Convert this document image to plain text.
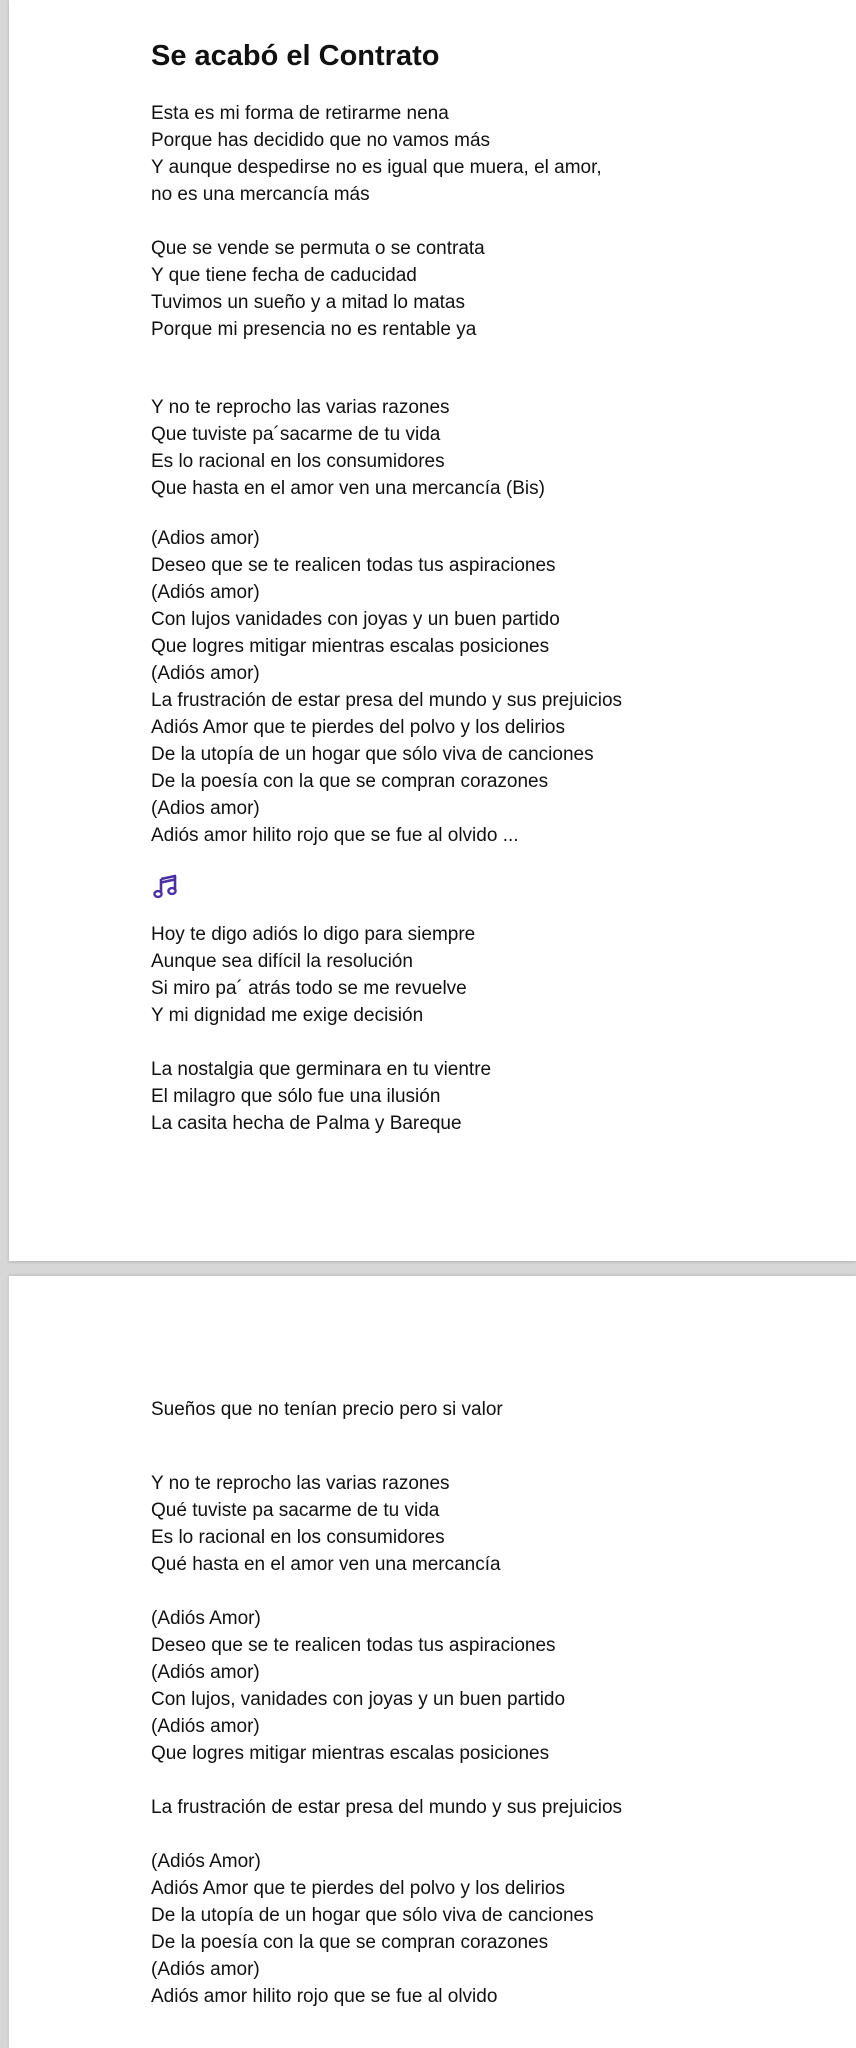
Se acabó el Contrato

Esta es mi forma de retirarme nena

Porque has decidido que no vamos más

Y aunque despedirse no es igual que muera, el amor,

no es una mercancía más

Que se vende se permuta o se contrata

Y que tiene fecha de caducidad

Tuvimos un sueño y a mitad lo matas

Porque mi presencia no es rentable ya

Y no te reprocho las varias razones

Que tuviste pa´sacarme de tu vida

Es lo racional en los consumidores

Que hasta en el amor ven una mercancía (Bis)

(Adios amor)

Deseo que se te realicen todas tus aspiraciones

(Adiós amor)

Con lujos vanidades con joyas y un buen partido

Que logres mitigar mientras escalas posiciones

(Adiós amor)

La frustración de estar presa del mundo y sus prejuicios

Adiós Amor que te pierdes del polvo y los delirios

De la utopía de un hogar que sólo viva de canciones

De la poesía con la que se compran corazones

(Adios amor)

Adiós amor hilito rojo que se fue al olvido ...

Hoy te digo adiós lo digo para siempre

Aunque sea difícil la resolución

Si miro pa´ atrás todo se me revuelve

Y mi dignidad me exige decisión

La nostalgia que germinara en tu vientre

El milagro que sólo fue una ilusión

La casita hecha de Palma y Bareque

Sueños que no tenían precio pero si valor

Y no te reprocho las varias razones

Qué tuviste pa sacarme de tu vida

Es lo racional en los consumidores

Qué hasta en el amor ven una mercancía

(Adiós Amor)

Deseo que se te realicen todas tus aspiraciones

(Adiós amor)

Con lujos, vanidades con joyas y un buen partido

(Adiós amor)

Que logres mitigar mientras escalas posiciones

La frustración de estar presa del mundo y sus prejuicios

(Adiós Amor)

Adiós Amor que te pierdes del polvo y los delirios

De la utopía de un hogar que sólo viva de canciones

De la poesía con la que se compran corazones

(Adiós amor)

Adiós amor hilito rojo que se fue al olvido
